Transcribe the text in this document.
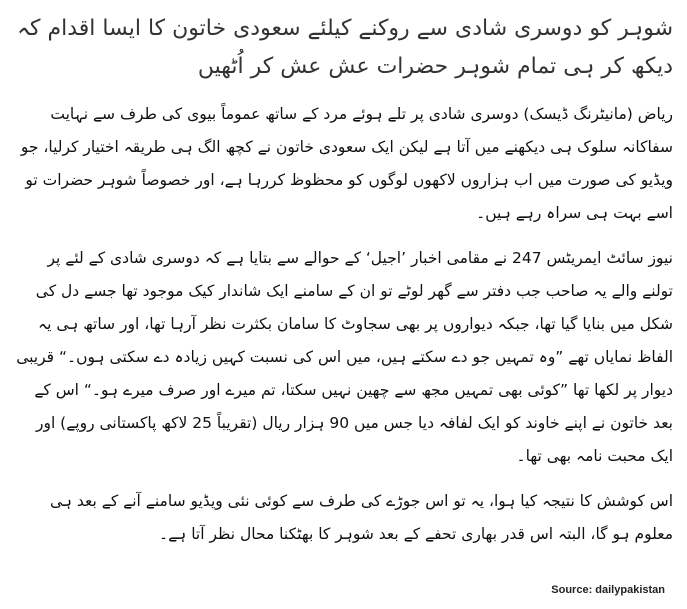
شوہر کو دوسری شادی سے روکنے کیلئے سعودی خاتون کا ایسا اقدام کہ دیکھ کر ہی تمام شوہر حضرات عش عش کر اُٹھیں

ریاض (مانیٹرنگ ڈیسک) دوسری شادی پر تلے ہوئے مرد کے ساتھ عموماً بیوی کی طرف سے نہایت سفاکانہ سلوک ہی دیکھنے میں آتا ہے لیکن ایک سعودی خاتون نے کچھ الگ ہی طریقہ اختیار کرلیا، جو ویڈیو کی صورت میں اب ہزاروں لاکھوں لوگوں کو محظوظ کررہا ہے، اور خصوصاً شوہر حضرات تو اسے بہت ہی سراہ رہے ہیں۔

نیوز سائٹ ایمریٹس 247 نے مقامی اخبار ’اجیل‘ کے حوالے سے بتایا ہے کہ دوسری شادی کے لئے پر تولنے والے یہ صاحب جب دفتر سے گھر لوٹے تو ان کے سامنے ایک شاندار کیک موجود تھا جسے دل کی شکل میں بنایا گیا تھا، جبکہ دیواروں پر بھی سجاوٹ کا سامان بکثرت نظر آرہا تھا، اور ساتھ ہی یہ الفاظ نمایاں تھے ”وہ تمہیں جو دے سکتے ہیں، میں اس کی نسبت کہیں زیادہ دے سکتی ہوں۔“ قریبی دیوار پر لکھا تھا ”کوئی بھی تمہیں مجھ سے چھین نہیں سکتا، تم میرے اور صرف میرے ہو۔“ اس کے بعد خاتون نے اپنے خاوند کو ایک لفافہ دیا جس میں 90 ہزار ریال (تقریباً 25 لاکھ پاکستانی روپے) اور ایک محبت نامہ بھی تھا۔

اس کوشش کا نتیجہ کیا ہوا، یہ تو اس جوڑے کی طرف سے کوئی نئی ویڈیو سامنے آنے کے بعد ہی معلوم ہو گا، البتہ اس قدر بھاری تحفے کے بعد شوہر کا بھٹکنا محال نظر آتا ہے۔

Source: dailypakistan
